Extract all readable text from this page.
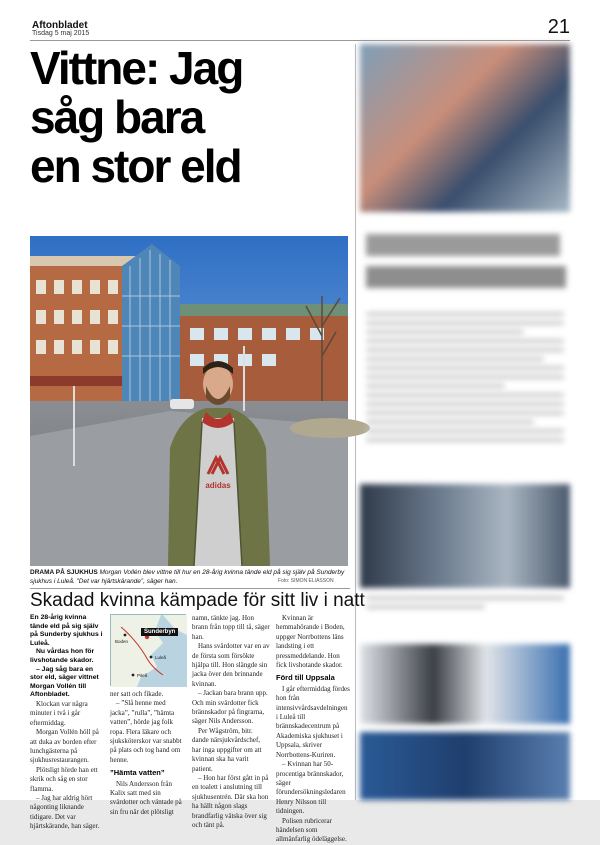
Aftonbladet
Tisdag 5 maj 2015	21
Vittne: Jag
såg bara
en stor eld
adidas
DRAMA PÅ SJUKHUS Morgan Vollén blev vittne till hur en 28-årig kvinna tände eld på sig själv på Sunderby sjukhus i Luleå. ”Det var hjärtskärande”, säger han.	Foto: SIMON ELIASSON
Skadad kvinna kämpade för sitt liv i natt

En 28-årig kvinna tände eld på sig själv på Sunderby sjukhus i Luleå.

Nu vårdas hon för livshotande skador.

– Jag såg bara en stor eld, säger vittnet Morgan Vollén till Aftonbladet.

Klockan var några minuter i två i går eftermiddag.

Morgan Vollén höll på att duka av borden efter lunchgästerna på sjukhusrestaurangen.

Plötsligt hörde han ett skrik och såg en stor flamma.

– Jag har aldrig hört någonting liknande tidigare. Det var hjärtskärande, han säger.

Sunderbyn
Boden
Luleå
Piteå

ner satt och fikade.

– ”Slå henne med jacka”, ”rulla”, ”hämta vatten”, hörde jag folk ropa. Flera läkare och sjuksköterskor var snabbt på plats och tog hand om henne.

”Hämta vatten”

Nils Andersson från Kalix satt med sin svärdotter och väntade på sin fru när det plötsligt

namn, tänkte jag. Hon brann från topp till tå, säger han.

Hans svärdotter var en av de första som försökte hjälpa till. Hon slängde sin jacka över den brinnande kvinnan.

– Jackan bara brann upp. Och min svärdotter fick brännskador på fingrarna, säger Nils Andersson.

Per Wågström, bitr. dande närsjukvårdschef, har inga uppgifter om att kvinnan ska ha varit patient.

– Hon har först gått in på en toalett i anslutning till sjukhusentrén. Där ska hon ha hällt någon slags brandfarlig vätska över sig och tänt på.

Kvinnan är hemmahörande i Boden, uppger Norrbottens läns landsting i ett pressmeddelande. Hon fick livshotande skador.

Förd till Uppsala

I går eftermiddag fördes hon från intensivvårdsavdelningen i Luleå till brännskadecentrum på Akademiska sjukhuset i Uppsala, skriver Norrbottens-Kuriren.

– Kvinnan har 50-procentiga brännskador, säger förundersökningsledaren Henry Nilsson till tidningen.

Polisen rubricerar händelsen som allmänfarlig ödeläggelse.
